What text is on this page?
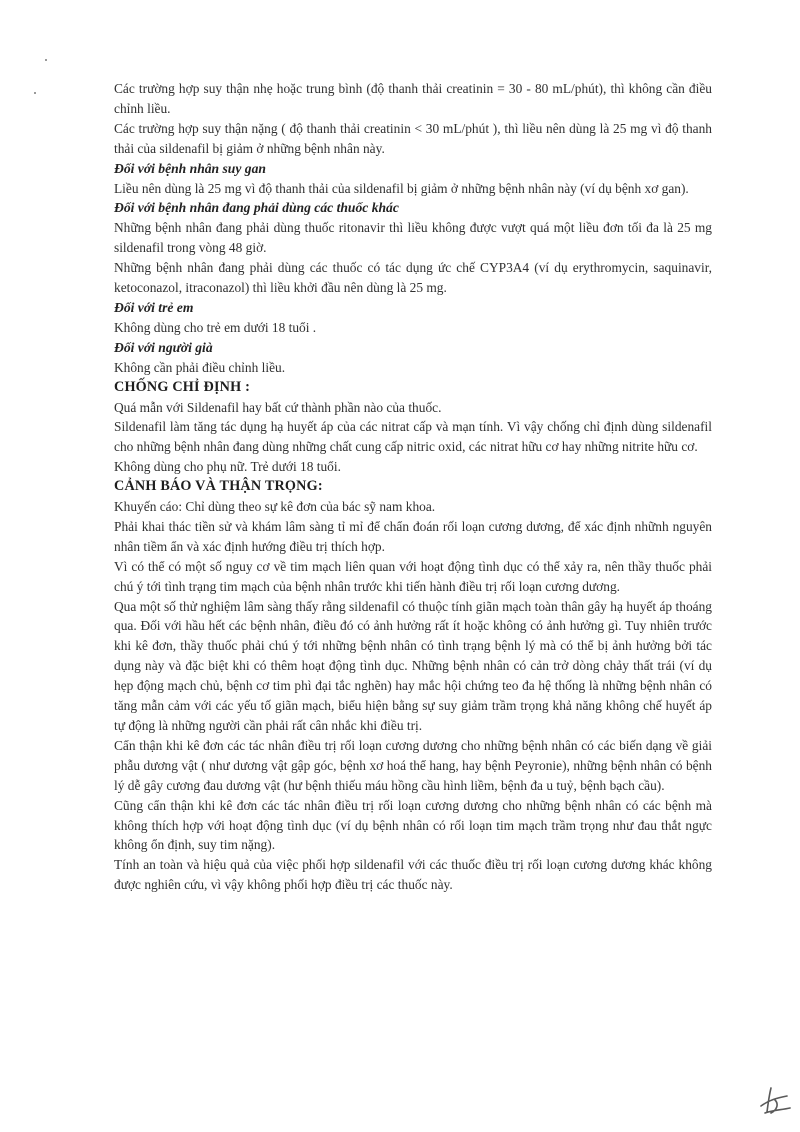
Các trường hợp suy thận nhẹ hoặc trung bình (độ thanh thải creatinin = 30 - 80 mL/phút), thì không cần điều chỉnh liều.

Các trường hợp suy thận nặng ( độ thanh thải creatinin < 30 mL/phút ), thì liều nên dùng là 25 mg vì độ thanh thải của sildenafil bị giảm ở những bệnh nhân này.

Đối với bệnh nhân suy gan

Liều nên dùng là 25 mg vì độ thanh thải của sildenafil bị giảm ở những bệnh nhân này (ví dụ bệnh xơ gan).

Đối với bệnh nhân đang phải dùng các thuốc khác

Những bệnh nhân đang phải dùng thuốc ritonavir thì liều không được vượt quá một liều đơn tối đa là 25 mg sildenafil trong vòng 48 giờ.

Những bệnh nhân đang phải dùng các thuốc có tác dụng ức chế CYP3A4 (ví dụ erythromycin, saquinavir, ketoconazol, itraconazol) thì liều khởi đầu nên dùng là 25 mg.

Đối với trẻ em

Không dùng cho trẻ em dưới 18 tuổi .

Đối với người già

Không cần phải điều chỉnh liều.

CHỐNG CHỈ ĐỊNH :

Quá mẫn với Sildenafil hay bất cứ thành phần nào của thuốc.

Sildenafil làm tăng tác dụng hạ huyết áp của các nitrat cấp và mạn tính. Vì vậy chống chỉ định dùng sildenafil cho những bệnh nhân đang dùng những chất cung cấp nitric oxid, các nitrat hữu cơ hay những nitrite hữu cơ.

Không dùng cho phụ nữ. Trẻ dưới 18 tuổi.

CẢNH BÁO VÀ THẬN TRỌNG:

Khuyến cáo: Chỉ dùng theo sự kê đơn của bác sỹ nam khoa.

Phải khai thác tiền sử và khám lâm sàng tỉ mỉ để chẩn đoán rối loạn cương dương, để xác định nhữnh nguyên nhân tiềm ẩn và xác định hướng điều trị thích hợp.

Vì có thể có một số nguy cơ về tim mạch liên quan với hoạt động tình dục có thể xảy ra, nên thầy thuốc phải chú ý tới tình trạng tim mạch của bệnh nhân trước khi tiến hành điều trị rối loạn cương dương.

Qua một số thử nghiệm lâm sàng thấy rằng sildenafil có thuộc tính giãn mạch toàn thân gây hạ huyết áp thoáng qua. Đối với hầu hết các bệnh nhân, điều đó có ảnh hưởng rất ít hoặc không có ảnh hưởng gì. Tuy nhiên trước khi kê đơn, thầy thuốc phải chú ý tới những bệnh nhân có tình trạng bệnh lý mà có thể bị ảnh hưởng bởi tác dụng này và đặc biệt khi có thêm hoạt động tình dục. Những bệnh nhân có cản trở dòng chảy thất trái (ví dụ hẹp động mạch chủ, bệnh cơ tim phì đại tắc nghẽn) hay mắc hội chứng teo đa hệ thống là những bệnh nhân có tăng mẫn cảm với các yếu tố giãn mạch, biểu hiện bằng sự suy giảm trầm trọng khả năng không chế huyết áp tự động là những người cần phải rất cân nhắc khi điều trị.

Cẩn thận khi kê đơn các tác nhân điều trị rối loạn cương dương cho những bệnh nhân có các biến dạng về giải phẫu dương vật ( như dương vật gập góc, bệnh xơ hoá thể hang, hay bệnh Peyronie), những bệnh nhân có bệnh lý dễ gây cương đau dương vật (hư bệnh thiếu máu hồng cầu hình liềm, bệnh đa u tuỷ, bệnh bạch cầu).

Cũng cẩn thận khi kê đơn các tác nhân điều trị rối loạn cương dương cho những bệnh nhân có các bệnh mà không thích hợp với hoạt động tình dục (ví dụ bệnh nhân có rối loạn tim mạch trầm trọng như đau thắt ngực không ổn định, suy tim nặng).

Tính an toàn và hiệu quả của việc phối hợp sildenafil với các thuốc điều trị rối loạn cương dương khác không được nghiên cứu, vì vậy không phối hợp điều trị các thuốc này.
